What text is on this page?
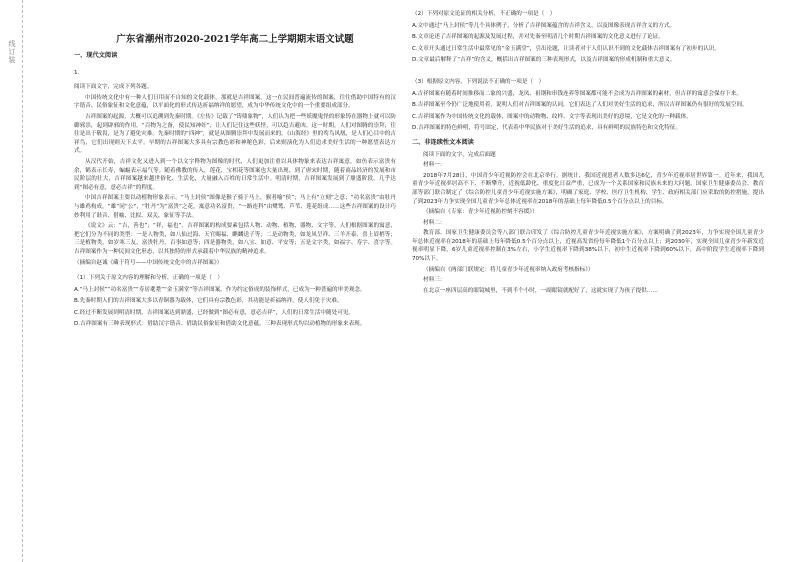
线订装
广东省潮州市2020-2021学年高二上学期期末语文试题
一、现代文阅读

1.

阅读下面文字，完成下列各题。

中国传统文化中有一种人们日用而不自知的文化载体，那就是吉祥图案。这一在民间普遍流传的图案，往往借助中国特有的汉字谐音、民俗象征和文化意蕴，以平面化的形式传达祈福纳祥的愿望，成为中华传统文化中的一个重要组成部分。

吉祥图案的起源，大概可以追溯到先秦时期。《左传》记载了“铸鼎象物”，人们认为把一些妖魔鬼怪的形象铸在器物上就可以防御邪祟，起到辟邪的作用。“百物为之备，使民知神奸”，让人们记住这些妖怪，可以趋吉避凶。这一时期，人们对图腾的崇拜，往往是出于敬畏，是为了避免灾难。先秦时期的“四神”，就是从图腾崇拜中发展而来的。《山海经》里的鸾鸟凤凰，是人们心目中的吉祥鸟，它们出现则天下太平。早期的吉祥图案大多具有宗教色彩和神秘色彩，后来则演化为人们追求美好生活的一种愿望表达方式。

从汉代开始，吉祥文化又进入到一个以文字释物为图像的时代，人们更加注重以具体物象来表达吉祥寓意，如鱼表示富贵有余，鹤表示长寿，蝙蝠表示福气等。随着佛教的传入，莲花、宝相花等图案也大量出现。到了唐宋时期，随着商品经济的发展和市民阶层的壮大，吉祥图案越来越世俗化、生活化，大量融入百姓的日常生活中。明清时期，吉祥图案发展到了鼎盛阶段，几乎达到“图必有意，意必吉祥”的程度。

中国吉祥图案主要以动植物形象表示。“马上封侯”图像是猴子骑于马上，猴者喻“侯”；马上有“立刻”之意；“功名富贵”由牡丹与雄鸡构成，“雄”同“公”，“牡丹”为“富贵”之花，寓意功名富贵，“一路连科”由鹭鸶、芦苇、莲花组成……这些吉祥图案的设计巧妙利用了谐音、借喻、比拟、双关、象征等手法。

《说文》云：“吉，善也”；“祥，福也”。吉祥图案的构成要素包括人物、动物、植物、器物、文字等。人们根据图案的寓意，把它们分为不同的类型：一是人物类，如八仙过海、天官赐福、麒麟送子等；二是动物类，如龙凤呈祥、三羊开泰、喜上眉梢等；三是植物类，如岁寒三友、富贵牡丹、百事如意等；四是器物类，如八宝、如意、平安等；五是文字类，如福字、寿字、喜字等。吉祥图案作为一种民间文化形态，以其独特的形式承载着中华民族的精神追求。

（摘编自赵诚《藏于符号——中国传统文化中的吉祥图案》）

（1）下列关于原文内容的理解和分析，正确的一项是（　）

A.“马上封侯”“功名富贵”“寿居耄耋”“金玉满堂”等吉祥图案，作为约定俗成的装饰样式，已成为一种普遍的审美观念。

B.先秦时期人们的吉祥图案大多以青铜器为载体，它们具有宗教色彩，其功能是祈福纳祥，使人们免于灾难。

C.经过不断发展到明清时期，吉祥图案达到鼎盛，已经做到“图必有意，意必吉祥”，人们的日常生活中随处可见。

D.吉祥图案有三种表现形式：借助汉字谐音、借助民俗象征和借助文化意蕴，三种表现形式均以动植物的形象来表现。

（2）下列对原文论证的相关分析，不正确的一项是（　）

A.文中通过“马上封侯”等几个具体例子，分析了吉祥图案蕴含的吉祥含义，以及图像表现吉祥含义的方式。

B.文章论述了吉祥图案的起源及发展过程，并对先秦至明清几个时期吉祥图案的文化意义进行了论证。

C.文章开头通过日常生活中最常见的“金玉满堂”，引出论题，让读者对于人们认识不到的文化载体吉祥图案有了初步的认识。

D.文章最后解释了“吉祥”的含义，概括出吉祥图案的三种表现形式，以及吉祥图案的形成机制和重大意义。

（3）根据原文内容，下列说法不正确的一项是（　）

A.吉祥图案有随着时间推移而二象的兴盛，龙凤、祖钢和串钱连养等图案都可能不会成为吉祥图案的素材，但吉祥的寓意会保存下来。

B.吉祥图案至今仍广泛地使用着，说明人们对吉祥图案的认同，它们表达了人们对美好生活的追求，所以吉祥图案仍有很好的发展空间。

C.吉祥图案作为中国传统文化的载体，图案中的动物物、纹样、文字等表现出美好的意境，它是文化的一种载体。

D.吉祥图案的特色鲜明，符号固定，代表着中华民族对于美好生活的追求，具有鲜明的民族特色和文化特征。

二、非连续性文本阅读

阅读下面的文字，完成后面题

材料一：

2018年7月28日，中国青少年近视防控会在北京举行。据统计，我国近视患者人数多达6亿，青少年近视率居世界第一。近年来，我国儿童青少年近视率居高不下、不断攀升，近视低龄化、重度化日益严重，已成为一个关系国家和民族未来的大问题。国家卫生健康委员会、教育部等部门联合制定了《综合防控儿童青少年近视实施方案》，明确了家庭、学校、医疗卫生机构、学生、政府相关部门应采取的防控措施，提出了到2023年力争实现全国儿童青少年总体近视率在2018年的基础上每年降低0.5个百分点以上的目标。

（摘编自《专家：青少年近视防控刻不容缓》）

材料二：

教育部、国家卫生健康委员会等八部门联合印发了《综合防控儿童青少年近视实施方案》，方案明确了到2023年，力争实现全国儿童青少年总体近视率在2018年的基础上每年降低0.5个百分点以上，近视高发省份每年降低1个百分点以上；到2030年，实现全国儿童青少年新发近视率明显下降，6岁儿童近视率控制在3%左右，小学生近视率下降到38%以下，初中生近视率下降到60%以下，高中阶段学生近视率下降到70%以下。

（摘编自《两部门联规定：将儿童青少年近视率纳入政府考核指标》）

材料三：

在北京一座四层高的眼镜城里，不到半个小时，一副眼镜就配好了，这就实现了为孩子提供……
